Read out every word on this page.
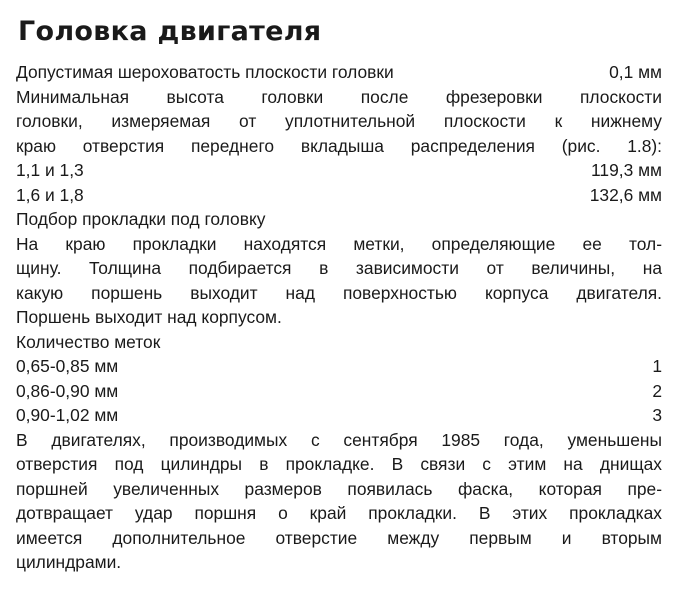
Головка двигателя
Допустимая шероховатость плоскости головки	0,1 мм
Минимальная высота головки после фрезеровки плоскости
головки, измеряемая от уплотнительной плоскости к нижнему
краю отверстия переднего вкладыша распределения (рис. 1.8):
1,1 и 1,3	119,3 мм
1,6 и 1,8	132,6 мм
Подбор прокладки под головку
На краю прокладки находятся метки, определяющие ее тол-
щину. Толщина подбирается в зависимости от величины, на
какую поршень выходит над поверхностью корпуса двигателя.
Поршень выходит над корпусом.
Количество меток
0,65-0,85 мм	1
0,86-0,90 мм	2
0,90-1,02 мм	3
В двигателях, производимых с сентября 1985 года, уменьшены
отверстия под цилиндры в прокладке. В связи с этим на днищах
поршней увеличенных размеров появилась фаска, которая пре-
дотвращает удар поршня о край прокладки. В этих прокладках
имеется дополнительное отверстие между первым и вторым
цилиндрами.
